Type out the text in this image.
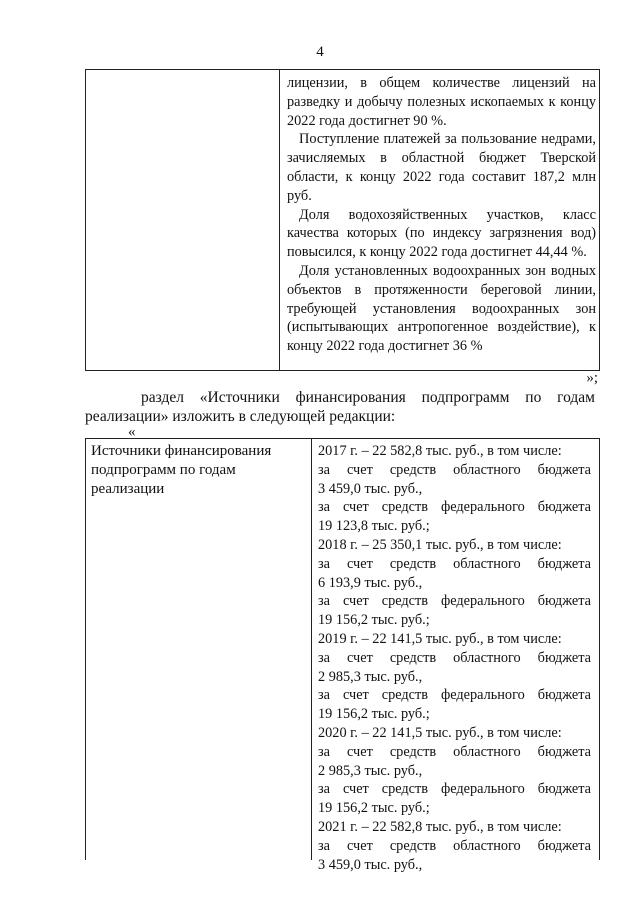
4

лицензии, в общем количестве лицензий на разведку и добычу полезных ископаемых к концу 2022 года достигнет 90 %.

Поступление платежей за пользование недрами, зачисляемых в областной бюджет Тверской области, к концу 2022 года составит 187,2 млн руб.

Доля водохозяйственных участков, класс качества которых (по индексу загрязнения вод) повысился, к концу 2022 года достигнет 44,44 %.

Доля установленных водоохранных зон водных объектов в протяженности береговой линии, требующей установления водоохранных зон (испытывающих антропогенное воздействие), к концу 2022 года достигнет 36 %

»;
раздел «Источники финансирования подпрограмм по годам
реализации» изложить в следующей редакции:
«
Источники финансирования подпрограмм по годам реализации
2017 г. – 22 582,8 тыс. руб., в том числе:
за счет средств областного бюджета
3 459,0 тыс. руб.,
за счет средств федерального бюджета
19 123,8 тыс. руб.;
2018 г. – 25 350,1 тыс. руб., в том числе:
за счет средств областного бюджета
6 193,9 тыс. руб.,
за счет средств федерального бюджета
19 156,2 тыс. руб.;
2019 г. – 22 141,5 тыс. руб., в том числе:
за счет средств областного бюджета
2 985,3 тыс. руб.,
за счет средств федерального бюджета
19 156,2 тыс. руб.;
2020 г. – 22 141,5 тыс. руб., в том числе:
за счет средств областного бюджета
2 985,3 тыс. руб.,
за счет средств федерального бюджета
19 156,2 тыс. руб.;
2021 г. – 22 582,8 тыс. руб., в том числе:
за счет средств областного бюджета
3 459,0 тыс. руб.,
